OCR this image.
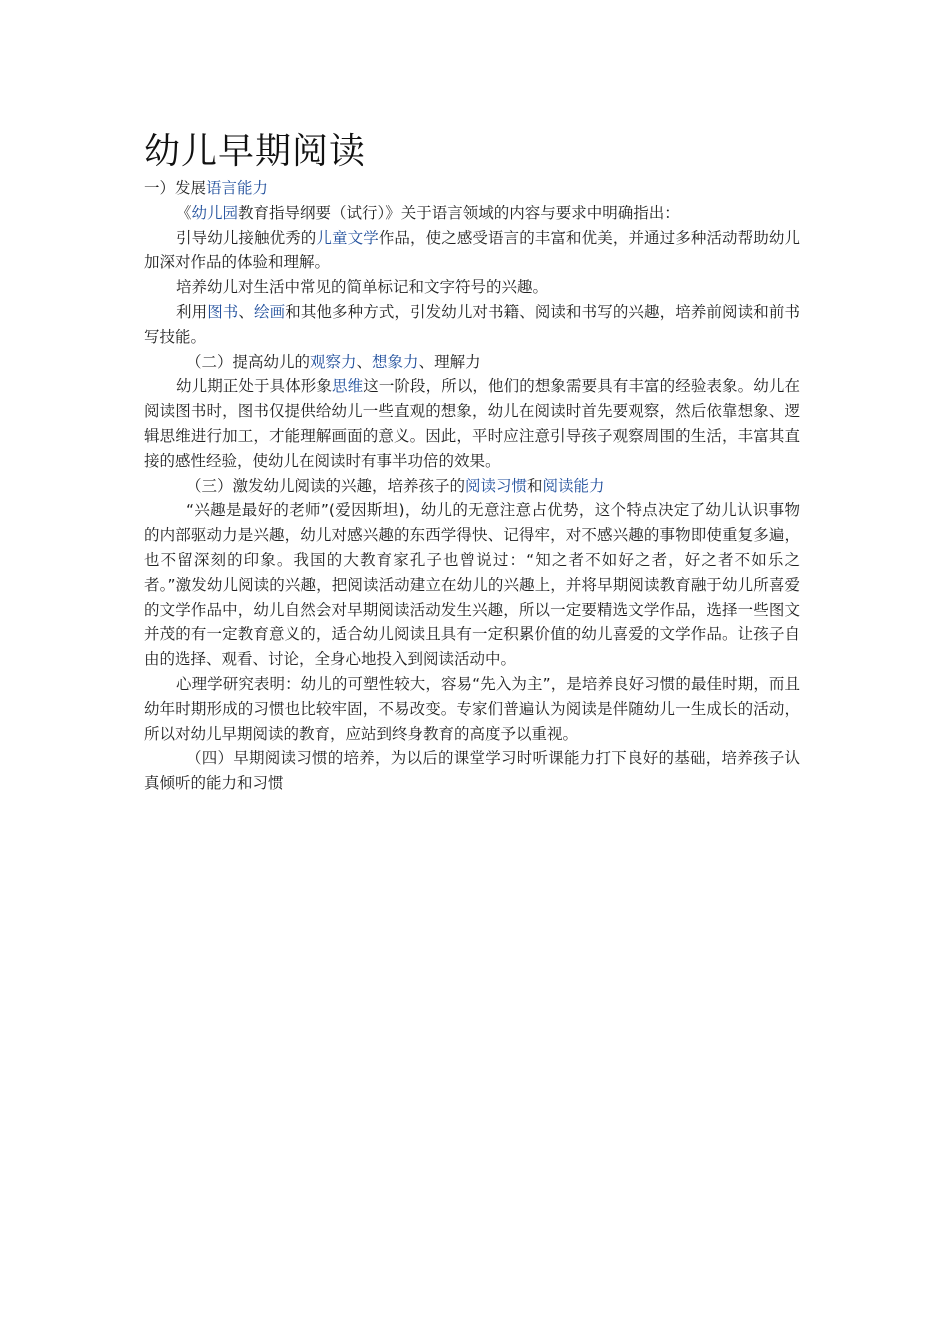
幼儿早期阅读

一）发展语言能力

《幼儿园教育指导纲要（试行）》关于语言领域的内容与要求中明确指出：

引导幼儿接触优秀的儿童文学作品，使之感受语言的丰富和优美，并通过多种活动帮助幼儿加深对作品的体验和理解。

培养幼儿对生活中常见的简单标记和文字符号的兴趣。

利用图书、绘画和其他多种方式，引发幼儿对书籍、阅读和书写的兴趣，培养前阅读和前书写技能。

（二）提高幼儿的观察力、想象力、理解力

幼儿期正处于具体形象思维这一阶段，所以，他们的想象需要具有丰富的经验表象。幼儿在阅读图书时，图书仅提供给幼儿一些直观的想象，幼儿在阅读时首先要观察，然后依靠想象、逻辑思维进行加工，才能理解画面的意义。因此，平时应注意引导孩子观察周围的生活，丰富其直接的感性经验，使幼儿在阅读时有事半功倍的效果。

（三）激发幼儿阅读的兴趣，培养孩子的阅读习惯和阅读能力

“兴趣是最好的老师”(爱因斯坦)，幼儿的无意注意占优势，这个特点决定了幼儿认识事物的内部驱动力是兴趣，幼儿对感兴趣的东西学得快、记得牢，对不感兴趣的事物即使重复多遍，也不留深刻的印象。我国的大教育家孔子也曾说过：“知之者不如好之者，好之者不如乐之者。”激发幼儿阅读的兴趣，把阅读活动建立在幼儿的兴趣上，并将早期阅读教育融于幼儿所喜爱的文学作品中，幼儿自然会对早期阅读活动发生兴趣，所以一定要精选文学作品，选择一些图文并茂的有一定教育意义的，适合幼儿阅读且具有一定积累价值的幼儿喜爱的文学作品。让孩子自由的选择、观看、讨论，全身心地投入到阅读活动中。

心理学研究表明：幼儿的可塑性较大，容易“先入为主”，是培养良好习惯的最佳时期，而且幼年时期形成的习惯也比较牢固，不易改变。专家们普遍认为阅读是伴随幼儿一生成长的活动，所以对幼儿早期阅读的教育，应站到终身教育的高度予以重视。

（四）早期阅读习惯的培养，为以后的课堂学习时听课能力打下良好的基础，培养孩子认真倾听的能力和习惯
